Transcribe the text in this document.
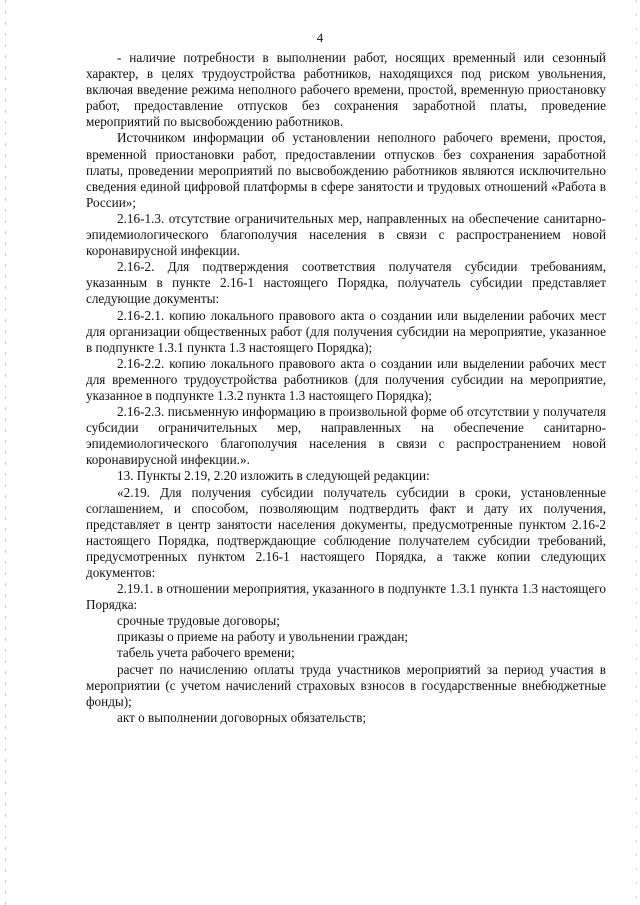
4

- наличие потребности в выполнении работ, носящих временный или сезонный характер, в целях трудоустройства работников, находящихся под риском увольнения, включая введение режима неполного рабочего времени, простой, временную приостановку работ, предоставление отпусков без сохранения заработной платы, проведение мероприятий по высвобождению работников.

Источником информации об установлении неполного рабочего времени, простоя, временной приостановки работ, предоставлении отпусков без сохранения заработной платы, проведении мероприятий по высвобождению работников являются исключительно сведения единой цифровой платформы в сфере занятости и трудовых отношений «Работа в России»;

2.16-1.3. отсутствие ограничительных мер, направленных на обеспечение санитарно-эпидемиологического благополучия населения в связи с распространением новой коронавирусной инфекции.

2.16-2. Для подтверждения соответствия получателя субсидии требованиям, указанным в пункте 2.16-1 настоящего Порядка, получатель субсидии представляет следующие документы:

2.16-2.1. копию локального правового акта о создании или выделении рабочих мест для организации общественных работ (для получения субсидии на мероприятие, указанное в подпункте 1.3.1 пункта 1.3 настоящего Порядка);

2.16-2.2. копию локального правового акта о создании или выделении рабочих мест для временного трудоустройства работников (для получения субсидии на мероприятие, указанное в подпункте 1.3.2 пункта 1.3 настоящего Порядка);

2.16-2.3. письменную информацию в произвольной форме об отсутствии у получателя субсидии ограничительных мер, направленных на обеспечение санитарно-эпидемиологического благополучия населения в связи с распространением новой коронавирусной инфекции.».

13. Пункты 2.19, 2.20 изложить в следующей редакции:

«2.19. Для получения субсидии получатель субсидии в сроки, установленные соглашением, и способом, позволяющим подтвердить факт и дату их получения, представляет в центр занятости населения документы, предусмотренные пунктом 2.16-2 настоящего Порядка, подтверждающие соблюдение получателем субсидии требований, предусмотренных пунктом 2.16-1 настоящего Порядка, а также копии следующих документов:

2.19.1. в отношении мероприятия, указанного в подпункте 1.3.1 пункта 1.3 настоящего Порядка:

срочные трудовые договоры;

приказы о приеме на работу и увольнении граждан;

табель учета рабочего времени;

расчет по начислению оплаты труда участников мероприятий за период участия в мероприятии (с учетом начислений страховых взносов в государственные внебюджетные фонды);

акт о выполнении договорных обязательств;
